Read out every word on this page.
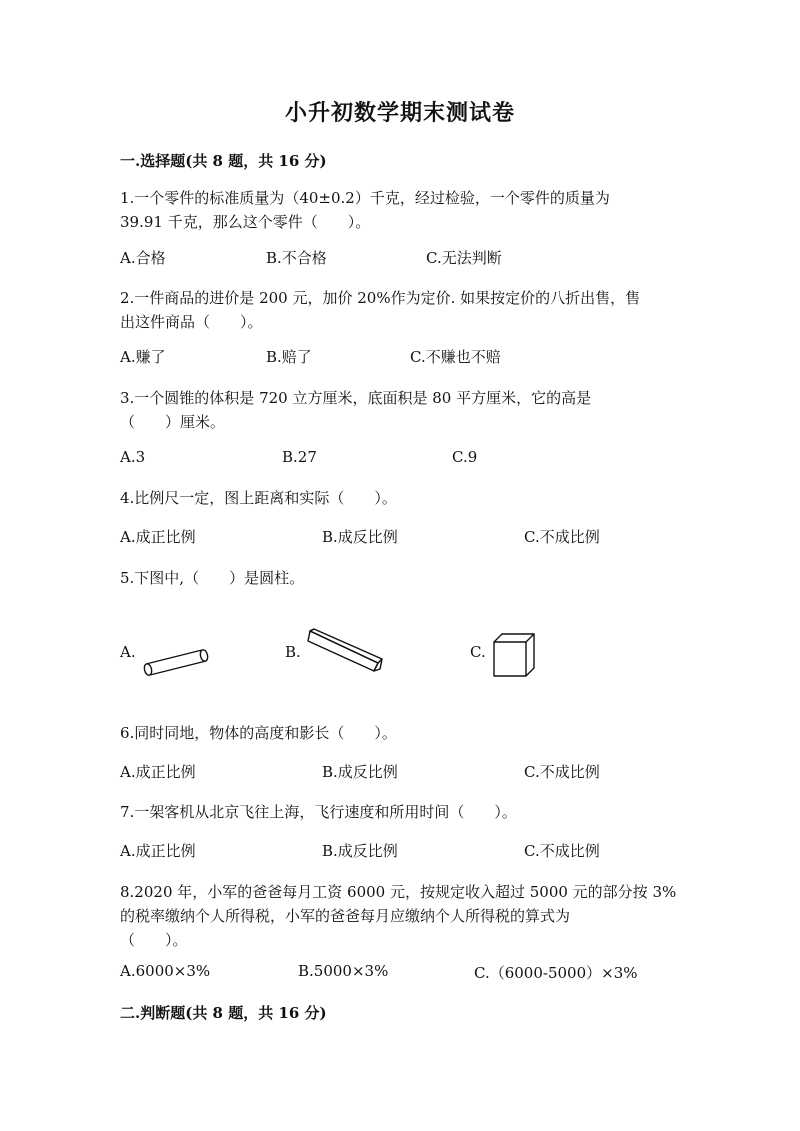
小升初数学期末测试卷
一.选择题(共 8 题，共 16 分)
1.一个零件的标准质量为（40±0.2）千克，经过检验，一个零件的质量为
39.91 千克，那么这个零件（　　）。
A.合格	B.不合格	C.无法判断
2.一件商品的进价是 200 元，加价 20%作为定价. 如果按定价的八折出售，售
出这件商品（　　）。
A.赚了	B.赔了	C.不赚也不赔
3.一个圆锥的体积是 720 立方厘米，底面积是 80 平方厘米，它的高是
（　　）厘米。
A.3	B.27	C.9
4.比例尺一定，图上距离和实际（　　）。
A.成正比例	B.成反比例	C.不成比例
5.下图中,（　　）是圆柱。
A.	B.	C.
6.同时同地，物体的高度和影长（　　）。
A.成正比例	B.成反比例	C.不成比例
7.一架客机从北京飞往上海，飞行速度和所用时间（　　）。
A.成正比例	B.成反比例	C.不成比例
8.2020 年，小军的爸爸每月工资 6000 元，按规定收入超过 5000 元的部分按 3%
的税率缴纳个人所得税，小军的爸爸每月应缴纳个人所得税的算式为
（　　）。
A.6000×3%	B.5000×3%	C.（6000-5000）×3%
二.判断题(共 8 题，共 16 分)
